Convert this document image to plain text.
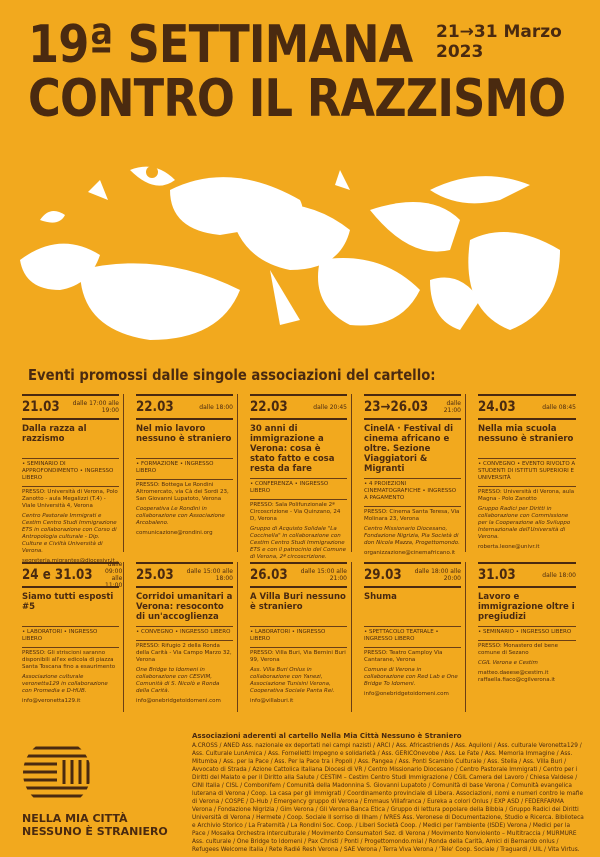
19ª SETTIMANA
CONTRO IL RAZZISMO
21→31 Marzo
2023
Eventi promossi dalle singole associazioni del cartello:
21.03	dalle 17:00 alle 19:00
Dalla razza al razzismo
• SEMINARIO DI APPROFONDIMENTO • INGRESSO LIBERO
PRESSO: Università di Verona, Polo Zanotto - aula Megalizzi (T.4) - Viale Università 4, Verona
Centro Pastorale Immigrati e Cestim Centro Studi Immigrazione ETS in collaborazione con Corso di Antropologia culturale - Dip. Culture e Civiltà Università di Verona.
segreteria.migrantes@diocesivr.it
22.03	dalle 18:00
Nel mio lavoro nessuno è straniero
• FORMAZIONE • INGRESSO LIBERO
PRESSO: Bottega Le Rondini Altromercato, via Cà dei Sordi 23, San Giovanni Lupatoto, Verona
Cooperativa Le Rondini in collaborazione con Associazione Arcobaleno.
comunicazione@rondini.org
22.03	dalle 20:45
30 anni di immigrazione a Verona: cosa è stato fatto e cosa resta da fare
• CONFERENZA • INGRESSO LIBERO
PRESSO: Sala Polifunzionale 2ª Circoscrizione - Via Quinzano, 24 D, Verona
Gruppo di Acquisto Solidale "La Coccinella" in collaborazione con Cestim Centro Studi Immigrazione ETS e con il patrocinio del Comune di Verona, 2ª circoscrizione.
23→26.03	dalle 21:00
CinelA · Festival di cinema africano e oltre. Sezione Viaggiatori & Migranti
• 4 PROIEZIONI CINEMATOGRAFICHE • INGRESSO A PAGAMENTO
PRESSO: Cinema Santa Teresa, Via Molinara 23, Verona
Centro Missionario Diocesano, Fondazione Nigrizia, Pia Società di don Nicola Mazza, Progettomondo.
organizzazione@cinemafricano.it
24.03	dalle 08:45
Nella mia scuola nessuno è straniero
• CONVEGNO • EVENTO RIVOLTO A STUDENTI DI ISTITUTI SUPERIORI E UNIVERSITÀ
PRESSO: Università di Verona, aula Magna - Polo Zanotto
Gruppo Radici per Diritti in collaborazione con Commissione per la Cooperazione allo Sviluppo Internazionale dell'Università di Verona.
roberta.leone@univr.it
24 e 31.03
dalle 09:00 alle 11:00
Siamo tutti esposti #5
• LABORATORI • INGRESSO LIBERO
PRESSO: Gli striscioni saranno disponibili all'ex edicola di piazza Santa Toscana fino a esaurimento
Associazione culturale veronetta129 in collaborazione con Promedia e D-HUB.
info@veronetta129.it
25.03	dalle 15:00 alle 18:00
Corridoi umanitari a Verona: resoconto di un'accoglienza
• CONVEGNO • INGRESSO LIBERO
PRESSO: Rifugio 2 della Ronda della Carità - Via Campo Marzo 32, Verona
One Bridge to Idomeni in collaborazione con CESVIM, Comunità di S. Nicolò e Ronda della Carità.
info@onebridgetoidomeni.com
26.03	dalle 15:00 alle 21:00
A Villa Buri nessuno è straniero
• LABORATORI • INGRESSO LIBERO
PRESSO: Villa Buri, Via Bernini Buri 99, Verona
Ass. Villa Buri Onlus in collaborazione con Yanezi, Associazione Tunisini Verona, Cooperativa Sociale Panta Rei.
info@villaburi.it
29.03	dalle 18:00 alle 20:00
Shuma
• SPETTACOLO TEATRALE • INGRESSO LIBERO
PRESSO: Teatro Camploy Via Cantarane, Verona
Comune di Verona in collaborazione con Red Lab e One Bridge To Idomeni.
info@onebridgetoidomeni.com
31.03	dalle 18:00
Lavoro e immigrazione oltre i pregiudizi
• SEMINARIO • INGRESSO LIBERO
PRESSO: Monastero del bene comune di Sezano
CGIL Verona e Cestim
matteo.daeese@cestim.it raffaella.fiaco@cgilverona.it
NELLA MIA CITTÀ
NESSUNO È STRANIERO
Associazioni aderenti al cartello Nella Mia Città Nessuno è Straniero
A.CROSS / ANED Ass. nazionale ex deportati nei campi nazisti / ARCI / Ass. Africastriends / Ass. Aquiloni / Ass. culturale Veronetta129 / Ass. Culturale LunAmica / Ass. Fornelletti Impegno e solidarietà / Ass. GERICOnevobe / Ass. Le Fate / Ass. Memoria Immagine / Ass. Mitumba / Ass. per la Pace / Ass. Per la Pace tra i Popoli / Ass. Pangea / Ass. Ponti Scambio Culturale / Ass. Stella / Ass. Villa Buri / Avvocato di Strada / Azione Cattolica Italiana Diocesi di VR / Centro Missionario Diocesano / Centro Pastorale Immigrati / Centro per i Diritti del Malato e per il Diritto alla Salute / CESTIM – Cestim Centro Studi Immigrazione / CGIL Camera del Lavoro / Chiesa Valdese / CINI Italia / CISL / Combonifem / Comunità della Madonnina S. Giovanni Lupatoto / Comunità di base Verona / Comunità evangelica luterana di Verona / Coop. La casa per gli immigrati / Coordinamento provinciale di Libera. Associazioni, nomi e numeri contro le mafie di Verona / COSPE / D-Hub / Emergency gruppo di Verona / Emmaus Villafranca / Eureka a colori Onlus / EXP ASD / FEDERFARMA Verona / Fondazione Nigrizia / Gim Verona / Gli Verona Banca Etica / Gruppo di lettura popolare della Bibbia / Gruppo Radici dei Diritti Università di Verona / Hermete / Coop. Sociale Il sorriso di Ilham / IVRES Ass. Veronese di Documentazione, Studio e Ricerca. Biblioteca e Archivio Storico / La Fraternità / La Rondini Soc. Coop. / Liberi Società Coop. / Medici per l'ambiente (ISDE) Verona / Medici per la Pace / Mosaika Orchestra interculturale / Movimento Consumatori Sez. di Verona / Movimento Nonviolento – Multitraccia / MURMURE Ass. culturale / One Bridge to Idomeni / Pax Christi / Ponti / Progettomondo.mlal / Ronda della Carità, Amici di Bernardo onlus / Refugees Welcome Italia / Rete Radié Resh Verona / SAE Verona / Terra Viva Verona / 'Tele' Coop. Sociale / Traguardi / UIL / Vita Virtus.
